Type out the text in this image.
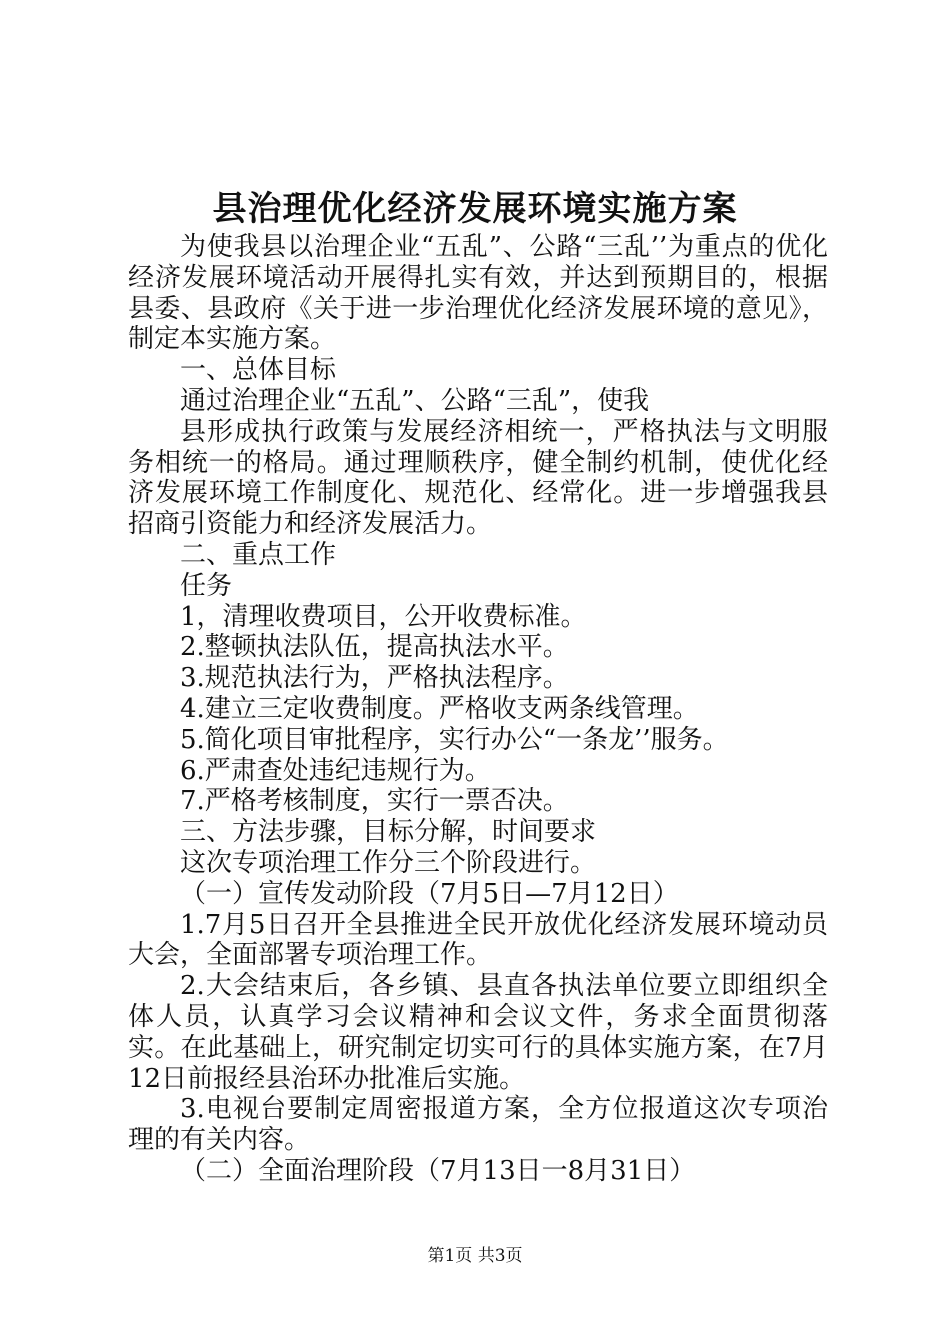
县治理优化经济发展环境实施方案

为使我县以治理企业“五乱”、公路“三乱’’为重点的优化经济发展环境活动开展得扎实有效，并达到预期目的，根据县委、县政府《关于进一步治理优化经济发展环境的意见》，制定本实施方案。

一、总体目标

通过治理企业“五乱”、公路“三乱”，使我

县形成执行政策与发展经济相统一，严格执法与文明服务相统一的格局。通过理顺秩序，健全制约机制，使优化经济发展环境工作制度化、规范化、经常化。进一步增强我县招商引资能力和经济发展活力。

二、重点工作

任务

1，清理收费项目，公开收费标准。

2.整顿执法队伍，提高执法水平。

3.规范执法行为，严格执法程序。

4.建立三定收费制度。严格收支两条线管理。

5.简化项目审批程序，实行办公“一条龙’’服务。

6.严肃查处违纪违规行为。

7.严格考核制度，实行一票否决。

三、方法步骤，目标分解，时间要求

这次专项治理工作分三个阶段进行。

（一）宣传发动阶段（7月5日—7月12日）

1.7月5日召开全县推进全民开放优化经济发展环境动员大会，全面部署专项治理工作。

2.大会结束后，各乡镇、县直各执法单位要立即组织全体人员，认真学习会议精神和会议文件，务求全面贯彻落实。在此基础上，研究制定切实可行的具体实施方案，在7月12日前报经县治环办批准后实施。

3.电视台要制定周密报道方案，全方位报道这次专项治理的有关内容。

（二）全面治理阶段（7月13日一8月31日）

第1页 共3页
